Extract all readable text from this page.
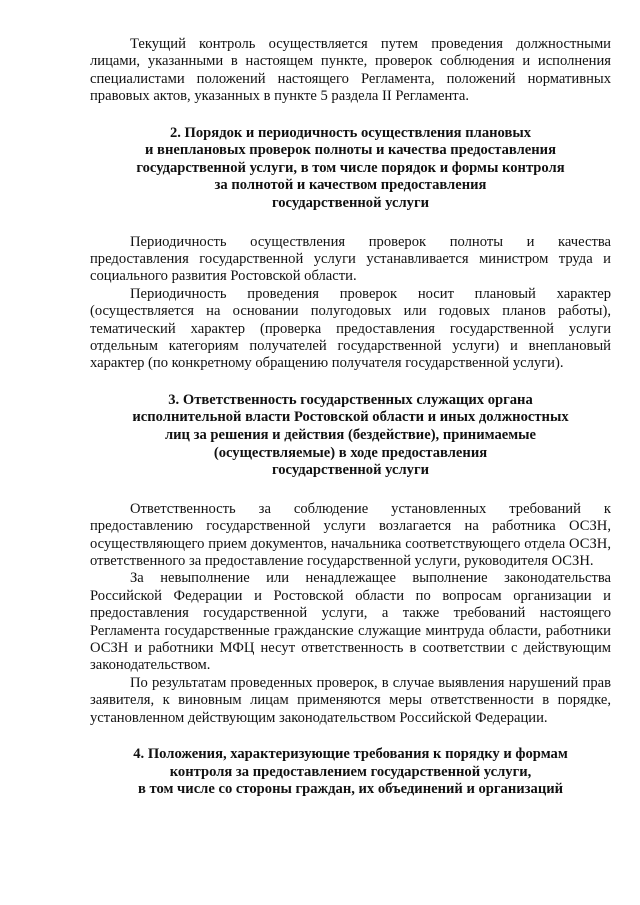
Текущий контроль осуществляется путем проведения должностными лицами, указанными в настоящем пункте, проверок соблюдения и исполнения специалистами положений настоящего Регламента, положений нормативных правовых актов, указанных в пункте 5 раздела II Регламента.

2. Порядок и периодичность осуществления плановых
и внеплановых проверок полноты и качества предоставления
государственной услуги, в том числе порядок и формы контроля
за полнотой и качеством предоставления
государственной услуги

Периодичность осуществления проверок полноты и качества предоставления государственной услуги устанавливается министром труда и социального развития Ростовской области.

Периодичность проведения проверок носит плановый характер (осуществляется на основании полугодовых или годовых планов работы), тематический характер (проверка предоставления государственной услуги отдельным категориям получателей государственной услуги) и внеплановый характер (по конкретному обращению получателя государственной услуги).

3. Ответственность государственных служащих органа
исполнительной власти Ростовской области и иных должностных
лиц за решения и действия (бездействие), принимаемые
(осуществляемые) в ходе предоставления
государственной услуги

Ответственность за соблюдение установленных требований к предоставлению государственной услуги возлагается на работника ОСЗН, осуществляющего прием документов, начальника соответствующего отдела ОСЗН, ответственного за предоставление государственной услуги, руководителя ОСЗН.

За невыполнение или ненадлежащее выполнение законодательства Российской Федерации и Ростовской области по вопросам организации и предоставления государственной услуги, а также требований настоящего Регламента государственные гражданские служащие минтруда области, работники ОСЗН и работники МФЦ несут ответственность в соответствии с действующим законодательством.

По результатам проведенных проверок, в случае выявления нарушений прав заявителя, к виновным лицам применяются меры ответственности в порядке, установленном действующим законодательством Российской Федерации.

4. Положения, характеризующие требования к порядку и формам
контроля за предоставлением государственной услуги,
в том числе со стороны граждан, их объединений и организаций
